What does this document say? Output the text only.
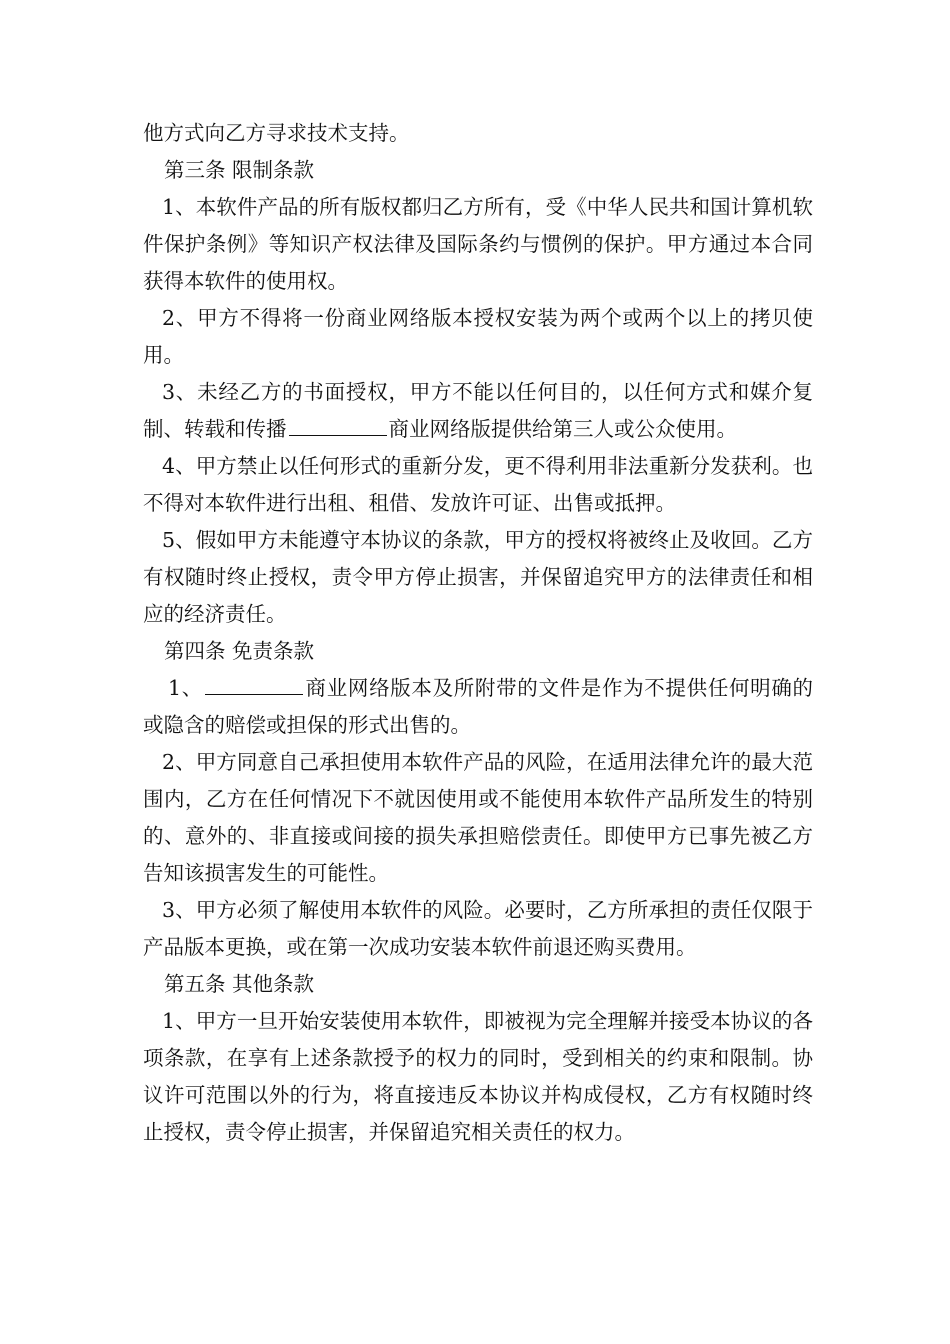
他方式向乙方寻求技术支持。

第三条 限制条款

1、本软件产品的所有版权都归乙方所有，受《中华人民共和国计算机软件保护条例》等知识产权法律及国际条约与惯例的保护。甲方通过本合同获得本软件的使用权。

2、甲方不得将一份商业网络版本授权安装为两个或两个以上的拷贝使用。

3、未经乙方的书面授权，甲方不能以任何目的，以任何方式和媒介复制、转载和传播	商业网络版提供给第三人或公众使用。

4、甲方禁止以任何形式的重新分发，更不得利用非法重新分发获利。也不得对本软件进行出租、租借、发放许可证、出售或抵押。

5、假如甲方未能遵守本协议的条款，甲方的授权将被终止及收回。乙方有权随时终止授权，责令甲方停止损害，并保留追究甲方的法律责任和相应的经济责任。

第四条 免责条款

1、	商业网络版本及所附带的文件是作为不提供任何明确的或隐含的赔偿或担保的形式出售的。

2、甲方同意自己承担使用本软件产品的风险，在适用法律允许的最大范围内，乙方在任何情况下不就因使用或不能使用本软件产品所发生的特别的、意外的、非直接或间接的损失承担赔偿责任。即使甲方已事先被乙方告知该损害发生的可能性。

3、甲方必须了解使用本软件的风险。必要时，乙方所承担的责任仅限于产品版本更换，或在第一次成功安装本软件前退还购买费用。

第五条 其他条款

1、甲方一旦开始安装使用本软件，即被视为完全理解并接受本协议的各项条款，在享有上述条款授予的权力的同时，受到相关的约束和限制。协议许可范围以外的行为，将直接违反本协议并构成侵权，乙方有权随时终止授权，责令停止损害，并保留追究相关责任的权力。
